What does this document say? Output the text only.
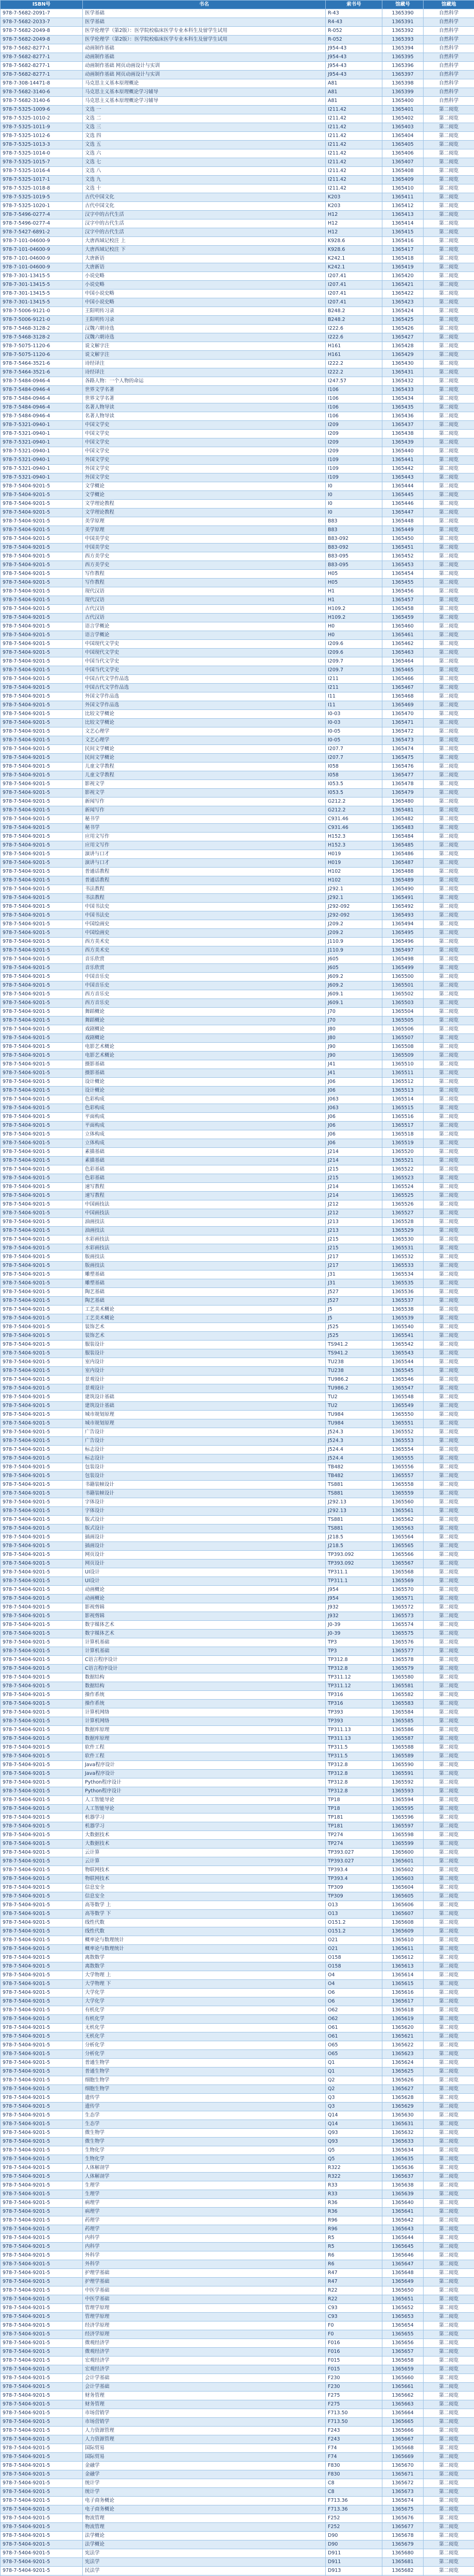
ISBN号	书名	索书号	馆藏号	馆藏地
978-7-5682-2091-7	医学基础	R-43	1365390	自然科学
978-7-5682-2033-7	医学基础	R4-43	1365391	自然科学
978-7-5682-2049-8	医学伦理学（第2版）：医学院校临床医学专业本科生及留学生试用	R-052	1365392	自然科学
978-7-5682-2049-8	医学伦理学（第2版）：医学院校临床医学专业本科生及留学生试用	R-052	1365393	自然科学
978-7-5682-8277-1	动画制作基础	J954-43	1365394	自然科学
978-7-5682-8277-1	动画制作基础	J954-43	1365395	自然科学
978-7-5682-8277-1	动画制作基础 网页动画设计与实训	J954-43	1365396	自然科学
978-7-5682-8277-1	动画制作基础 网页动画设计与实训	J954-43	1365397	自然科学
978-7-308-14471-8	马克思主义基本原理概论	A81	1365398	自然科学
978-7-5682-3140-6	马克思主义基本原理概论学习辅导	A81	1365399	自然科学
978-7-5682-3140-6	马克思主义基本原理概论学习辅导	A81	1365400	自然科学
978-7-5325-1009-6	文选 一	I211.42	1365401	第二阅览
978-7-5325-1010-2	文选 二	I211.42	1365402	第二阅览
978-7-5325-1011-9	文选 三	I211.42	1365403	第二阅览
978-7-5325-1012-6	文选 四	I211.42	1365404	第二阅览
978-7-5325-1013-3	文选 五	I211.42	1365405	第二阅览
978-7-5325-1014-0	文选 六	I211.42	1365406	第二阅览
978-7-5325-1015-7	文选 七	I211.42	1365407	第二阅览
978-7-5325-1016-4	文选 八	I211.42	1365408	第二阅览
978-7-5325-1017-1	文选 九	I211.42	1365409	第二阅览
978-7-5325-1018-8	文选 十	I211.42	1365410	第二阅览
978-7-5325-1019-5	古代中国文化	K203	1365411	第二阅览
978-7-5325-1020-1	古代中国文化	K203	1365412	第二阅览
978-7-5496-0277-4	汉字中的古代生活	H12	1365413	第二阅览
978-7-5496-0277-4	汉字中的古代生活	H12	1365414	第二阅览
978-7-5427-6891-2	汉字中的古代生活	H12	1365415	第二阅览
978-7-101-04600-9	大唐西域记校注 上	K928.6	1365416	第二阅览
978-7-101-04600-9	大唐西域记校注 下	K928.6	1365417	第二阅览
978-7-101-04600-9	大唐新语	K242.1	1365418	第二阅览
978-7-101-04600-9	大唐新语	K242.1	1365419	第二阅览
978-7-301-13415-5	小说史略	I207.41	1365420	第二阅览
978-7-301-13415-5	小说史略	I207.41	1365421	第二阅览
978-7-301-13415-5	中国小说史略	I207.41	1365422	第二阅览
978-7-301-13415-5	中国小说史略	I207.41	1365423	第二阅览
978-7-5006-9121-0	王阳明传习录	B248.2	1365424	第二阅览
978-7-5006-9121-0	王阳明传习录	B248.2	1365425	第二阅览
978-7-5468-3128-2	汉魏六朝诗选	I222.6	1365426	第二阅览
978-7-5468-3128-2	汉魏六朝诗选	I222.6	1365427	第二阅览
978-7-5075-1120-6	说文解字注	H161	1365428	第二阅览
978-7-5075-1120-6	说文解字注	H161	1365429	第二阅览
978-7-5464-3521-6	诗经译注	I222.2	1365430	第二阅览
978-7-5464-3521-6	诗经译注	I222.2	1365431	第二阅览
978-7-5484-0946-4	各路人物：一个人物的命运	I247.57	1365432	第二阅览
978-7-5484-0946-4	世界文学名著	I106	1365433	第二阅览
978-7-5484-0946-4	世界文学名著	I106	1365434	第二阅览
978-7-5484-0946-4	名著人物导读	I106	1365435	第二阅览
978-7-5484-0946-4	名著人物导读	I106	1365436	第二阅览
978-7-5321-0940-1	中国文学史	I209	1365437	第二阅览
978-7-5321-0940-1	中国文学史	I209	1365438	第二阅览
978-7-5321-0940-1	中国文学史	I209	1365439	第二阅览
978-7-5321-0940-1	中国文学史	I209	1365440	第二阅览
978-7-5321-0940-1	外国文学史	I109	1365441	第二阅览
978-7-5321-0940-1	外国文学史	I109	1365442	第二阅览
978-7-5321-0940-1	外国文学史	I109	1365443	第二阅览
978-7-5404-9201-5	文学概论	I0	1365444	第二阅览
978-7-5404-9201-5	文学概论	I0	1365445	第二阅览
978-7-5404-9201-5	文学理论教程	I0	1365446	第二阅览
978-7-5404-9201-5	文学理论教程	I0	1365447	第二阅览
978-7-5404-9201-5	美学原理	B83	1365448	第二阅览
978-7-5404-9201-5	美学原理	B83	1365449	第二阅览
978-7-5404-9201-5	中国美学史	B83-092	1365450	第二阅览
978-7-5404-9201-5	中国美学史	B83-092	1365451	第二阅览
978-7-5404-9201-5	西方美学史	B83-095	1365452	第二阅览
978-7-5404-9201-5	西方美学史	B83-095	1365453	第二阅览
978-7-5404-9201-5	写作教程	H05	1365454	第二阅览
978-7-5404-9201-5	写作教程	H05	1365455	第二阅览
978-7-5404-9201-5	现代汉语	H1	1365456	第二阅览
978-7-5404-9201-5	现代汉语	H1	1365457	第二阅览
978-7-5404-9201-5	古代汉语	H109.2	1365458	第二阅览
978-7-5404-9201-5	古代汉语	H109.2	1365459	第二阅览
978-7-5404-9201-5	语言学概论	H0	1365460	第二阅览
978-7-5404-9201-5	语言学概论	H0	1365461	第二阅览
978-7-5404-9201-5	中国现代文学史	I209.6	1365462	第二阅览
978-7-5404-9201-5	中国现代文学史	I209.6	1365463	第二阅览
978-7-5404-9201-5	中国当代文学史	I209.7	1365464	第二阅览
978-7-5404-9201-5	中国当代文学史	I209.7	1365465	第二阅览
978-7-5404-9201-5	中国古代文学作品选	I211	1365466	第二阅览
978-7-5404-9201-5	中国古代文学作品选	I211	1365467	第二阅览
978-7-5404-9201-5	外国文学作品选	I11	1365468	第二阅览
978-7-5404-9201-5	外国文学作品选	I11	1365469	第二阅览
978-7-5404-9201-5	比较文学概论	I0-03	1365470	第二阅览
978-7-5404-9201-5	比较文学概论	I0-03	1365471	第二阅览
978-7-5404-9201-5	文艺心理学	I0-05	1365472	第二阅览
978-7-5404-9201-5	文艺心理学	I0-05	1365473	第二阅览
978-7-5404-9201-5	民间文学概论	I207.7	1365474	第二阅览
978-7-5404-9201-5	民间文学概论	I207.7	1365475	第二阅览
978-7-5404-9201-5	儿童文学教程	I058	1365476	第二阅览
978-7-5404-9201-5	儿童文学教程	I058	1365477	第二阅览
978-7-5404-9201-5	影视文学	I053.5	1365478	第二阅览
978-7-5404-9201-5	影视文学	I053.5	1365479	第二阅览
978-7-5404-9201-5	新闻写作	G212.2	1365480	第二阅览
978-7-5404-9201-5	新闻写作	G212.2	1365481	第二阅览
978-7-5404-9201-5	秘书学	C931.46	1365482	第二阅览
978-7-5404-9201-5	秘书学	C931.46	1365483	第二阅览
978-7-5404-9201-5	应用文写作	H152.3	1365484	第二阅览
978-7-5404-9201-5	应用文写作	H152.3	1365485	第二阅览
978-7-5404-9201-5	演讲与口才	H019	1365486	第二阅览
978-7-5404-9201-5	演讲与口才	H019	1365487	第二阅览
978-7-5404-9201-5	普通话教程	H102	1365488	第二阅览
978-7-5404-9201-5	普通话教程	H102	1365489	第二阅览
978-7-5404-9201-5	书法教程	J292.1	1365490	第二阅览
978-7-5404-9201-5	书法教程	J292.1	1365491	第二阅览
978-7-5404-9201-5	中国书法史	J292-092	1365492	第二阅览
978-7-5404-9201-5	中国书法史	J292-092	1365493	第二阅览
978-7-5404-9201-5	中国绘画史	J209.2	1365494	第二阅览
978-7-5404-9201-5	中国绘画史	J209.2	1365495	第二阅览
978-7-5404-9201-5	西方美术史	J110.9	1365496	第二阅览
978-7-5404-9201-5	西方美术史	J110.9	1365497	第二阅览
978-7-5404-9201-5	音乐欣赏	J605	1365498	第二阅览
978-7-5404-9201-5	音乐欣赏	J605	1365499	第二阅览
978-7-5404-9201-5	中国音乐史	J609.2	1365500	第二阅览
978-7-5404-9201-5	中国音乐史	J609.2	1365501	第二阅览
978-7-5404-9201-5	西方音乐史	J609.1	1365502	第二阅览
978-7-5404-9201-5	西方音乐史	J609.1	1365503	第二阅览
978-7-5404-9201-5	舞蹈概论	J70	1365504	第二阅览
978-7-5404-9201-5	舞蹈概论	J70	1365505	第二阅览
978-7-5404-9201-5	戏剧概论	J80	1365506	第二阅览
978-7-5404-9201-5	戏剧概论	J80	1365507	第二阅览
978-7-5404-9201-5	电影艺术概论	J90	1365508	第二阅览
978-7-5404-9201-5	电影艺术概论	J90	1365509	第二阅览
978-7-5404-9201-5	摄影基础	J41	1365510	第二阅览
978-7-5404-9201-5	摄影基础	J41	1365511	第二阅览
978-7-5404-9201-5	设计概论	J06	1365512	第二阅览
978-7-5404-9201-5	设计概论	J06	1365513	第二阅览
978-7-5404-9201-5	色彩构成	J063	1365514	第二阅览
978-7-5404-9201-5	色彩构成	J063	1365515	第二阅览
978-7-5404-9201-5	平面构成	J06	1365516	第二阅览
978-7-5404-9201-5	平面构成	J06	1365517	第二阅览
978-7-5404-9201-5	立体构成	J06	1365518	第二阅览
978-7-5404-9201-5	立体构成	J06	1365519	第二阅览
978-7-5404-9201-5	素描基础	J214	1365520	第二阅览
978-7-5404-9201-5	素描基础	J214	1365521	第二阅览
978-7-5404-9201-5	色彩基础	J215	1365522	第二阅览
978-7-5404-9201-5	色彩基础	J215	1365523	第二阅览
978-7-5404-9201-5	速写教程	J214	1365524	第二阅览
978-7-5404-9201-5	速写教程	J214	1365525	第二阅览
978-7-5404-9201-5	中国画技法	J212	1365526	第二阅览
978-7-5404-9201-5	中国画技法	J212	1365527	第二阅览
978-7-5404-9201-5	油画技法	J213	1365528	第二阅览
978-7-5404-9201-5	油画技法	J213	1365529	第二阅览
978-7-5404-9201-5	水彩画技法	J215	1365530	第二阅览
978-7-5404-9201-5	水彩画技法	J215	1365531	第二阅览
978-7-5404-9201-5	版画技法	J217	1365532	第二阅览
978-7-5404-9201-5	版画技法	J217	1365533	第二阅览
978-7-5404-9201-5	雕塑基础	J31	1365534	第二阅览
978-7-5404-9201-5	雕塑基础	J31	1365535	第二阅览
978-7-5404-9201-5	陶艺基础	J527	1365536	第二阅览
978-7-5404-9201-5	陶艺基础	J527	1365537	第二阅览
978-7-5404-9201-5	工艺美术概论	J5	1365538	第二阅览
978-7-5404-9201-5	工艺美术概论	J5	1365539	第二阅览
978-7-5404-9201-5	装饰艺术	J525	1365540	第二阅览
978-7-5404-9201-5	装饰艺术	J525	1365541	第二阅览
978-7-5404-9201-5	服装设计	TS941.2	1365542	第二阅览
978-7-5404-9201-5	服装设计	TS941.2	1365543	第二阅览
978-7-5404-9201-5	室内设计	TU238	1365544	第二阅览
978-7-5404-9201-5	室内设计	TU238	1365545	第二阅览
978-7-5404-9201-5	景观设计	TU986.2	1365546	第二阅览
978-7-5404-9201-5	景观设计	TU986.2	1365547	第二阅览
978-7-5404-9201-5	建筑设计基础	TU2	1365548	第二阅览
978-7-5404-9201-5	建筑设计基础	TU2	1365549	第二阅览
978-7-5404-9201-5	城市规划原理	TU984	1365550	第二阅览
978-7-5404-9201-5	城市规划原理	TU984	1365551	第二阅览
978-7-5404-9201-5	广告设计	J524.3	1365552	第二阅览
978-7-5404-9201-5	广告设计	J524.3	1365553	第二阅览
978-7-5404-9201-5	标志设计	J524.4	1365554	第二阅览
978-7-5404-9201-5	标志设计	J524.4	1365555	第二阅览
978-7-5404-9201-5	包装设计	TB482	1365556	第二阅览
978-7-5404-9201-5	包装设计	TB482	1365557	第二阅览
978-7-5404-9201-5	书籍装帧设计	TS881	1365558	第二阅览
978-7-5404-9201-5	书籍装帧设计	TS881	1365559	第二阅览
978-7-5404-9201-5	字体设计	J292.13	1365560	第二阅览
978-7-5404-9201-5	字体设计	J292.13	1365561	第二阅览
978-7-5404-9201-5	版式设计	TS881	1365562	第二阅览
978-7-5404-9201-5	版式设计	TS881	1365563	第二阅览
978-7-5404-9201-5	插画设计	J218.5	1365564	第二阅览
978-7-5404-9201-5	插画设计	J218.5	1365565	第二阅览
978-7-5404-9201-5	网页设计	TP393.092	1365566	第二阅览
978-7-5404-9201-5	网页设计	TP393.092	1365567	第二阅览
978-7-5404-9201-5	UI设计	TP311.1	1365568	第二阅览
978-7-5404-9201-5	UI设计	TP311.1	1365569	第二阅览
978-7-5404-9201-5	动画概论	J954	1365570	第二阅览
978-7-5404-9201-5	动画概论	J954	1365571	第二阅览
978-7-5404-9201-5	影视剪辑	J932	1365572	第二阅览
978-7-5404-9201-5	影视剪辑	J932	1365573	第二阅览
978-7-5404-9201-5	数字媒体艺术	J0-39	1365574	第二阅览
978-7-5404-9201-5	数字媒体艺术	J0-39	1365575	第二阅览
978-7-5404-9201-5	计算机基础	TP3	1365576	第二阅览
978-7-5404-9201-5	计算机基础	TP3	1365577	第二阅览
978-7-5404-9201-5	C语言程序设计	TP312.8	1365578	第二阅览
978-7-5404-9201-5	C语言程序设计	TP312.8	1365579	第二阅览
978-7-5404-9201-5	数据结构	TP311.12	1365580	第二阅览
978-7-5404-9201-5	数据结构	TP311.12	1365581	第二阅览
978-7-5404-9201-5	操作系统	TP316	1365582	第二阅览
978-7-5404-9201-5	操作系统	TP316	1365583	第二阅览
978-7-5404-9201-5	计算机网络	TP393	1365584	第二阅览
978-7-5404-9201-5	计算机网络	TP393	1365585	第二阅览
978-7-5404-9201-5	数据库原理	TP311.13	1365586	第二阅览
978-7-5404-9201-5	数据库原理	TP311.13	1365587	第二阅览
978-7-5404-9201-5	软件工程	TP311.5	1365588	第二阅览
978-7-5404-9201-5	软件工程	TP311.5	1365589	第二阅览
978-7-5404-9201-5	Java程序设计	TP312.8	1365590	第二阅览
978-7-5404-9201-5	Java程序设计	TP312.8	1365591	第二阅览
978-7-5404-9201-5	Python程序设计	TP312.8	1365592	第二阅览
978-7-5404-9201-5	Python程序设计	TP312.8	1365593	第二阅览
978-7-5404-9201-5	人工智能导论	TP18	1365594	第二阅览
978-7-5404-9201-5	人工智能导论	TP18	1365595	第二阅览
978-7-5404-9201-5	机器学习	TP181	1365596	第二阅览
978-7-5404-9201-5	机器学习	TP181	1365597	第二阅览
978-7-5404-9201-5	大数据技术	TP274	1365598	第二阅览
978-7-5404-9201-5	大数据技术	TP274	1365599	第二阅览
978-7-5404-9201-5	云计算	TP393.027	1365600	第二阅览
978-7-5404-9201-5	云计算	TP393.027	1365601	第二阅览
978-7-5404-9201-5	物联网技术	TP393.4	1365602	第二阅览
978-7-5404-9201-5	物联网技术	TP393.4	1365603	第二阅览
978-7-5404-9201-5	信息安全	TP309	1365604	第二阅览
978-7-5404-9201-5	信息安全	TP309	1365605	第二阅览
978-7-5404-9201-5	高等数学 上	O13	1365606	第二阅览
978-7-5404-9201-5	高等数学 下	O13	1365607	第二阅览
978-7-5404-9201-5	线性代数	O151.2	1365608	第二阅览
978-7-5404-9201-5	线性代数	O151.2	1365609	第二阅览
978-7-5404-9201-5	概率论与数理统计	O21	1365610	第二阅览
978-7-5404-9201-5	概率论与数理统计	O21	1365611	第二阅览
978-7-5404-9201-5	离散数学	O158	1365612	第二阅览
978-7-5404-9201-5	离散数学	O158	1365613	第二阅览
978-7-5404-9201-5	大学物理 上	O4	1365614	第二阅览
978-7-5404-9201-5	大学物理 下	O4	1365615	第二阅览
978-7-5404-9201-5	大学化学	O6	1365616	第二阅览
978-7-5404-9201-5	大学化学	O6	1365617	第二阅览
978-7-5404-9201-5	有机化学	O62	1365618	第二阅览
978-7-5404-9201-5	有机化学	O62	1365619	第二阅览
978-7-5404-9201-5	无机化学	O61	1365620	第二阅览
978-7-5404-9201-5	无机化学	O61	1365621	第二阅览
978-7-5404-9201-5	分析化学	O65	1365622	第二阅览
978-7-5404-9201-5	分析化学	O65	1365623	第二阅览
978-7-5404-9201-5	普通生物学	Q1	1365624	第二阅览
978-7-5404-9201-5	普通生物学	Q1	1365625	第二阅览
978-7-5404-9201-5	细胞生物学	Q2	1365626	第二阅览
978-7-5404-9201-5	细胞生物学	Q2	1365627	第二阅览
978-7-5404-9201-5	遗传学	Q3	1365628	第二阅览
978-7-5404-9201-5	遗传学	Q3	1365629	第二阅览
978-7-5404-9201-5	生态学	Q14	1365630	第二阅览
978-7-5404-9201-5	生态学	Q14	1365631	第二阅览
978-7-5404-9201-5	微生物学	Q93	1365632	第二阅览
978-7-5404-9201-5	微生物学	Q93	1365633	第二阅览
978-7-5404-9201-5	生物化学	Q5	1365634	第二阅览
978-7-5404-9201-5	生物化学	Q5	1365635	第二阅览
978-7-5404-9201-5	人体解剖学	R322	1365636	第二阅览
978-7-5404-9201-5	人体解剖学	R322	1365637	第二阅览
978-7-5404-9201-5	生理学	R33	1365638	第二阅览
978-7-5404-9201-5	生理学	R33	1365639	第二阅览
978-7-5404-9201-5	病理学	R36	1365640	第二阅览
978-7-5404-9201-5	病理学	R36	1365641	第二阅览
978-7-5404-9201-5	药理学	R96	1365642	第二阅览
978-7-5404-9201-5	药理学	R96	1365643	第二阅览
978-7-5404-9201-5	内科学	R5	1365644	第二阅览
978-7-5404-9201-5	内科学	R5	1365645	第二阅览
978-7-5404-9201-5	外科学	R6	1365646	第二阅览
978-7-5404-9201-5	外科学	R6	1365647	第二阅览
978-7-5404-9201-5	护理学基础	R47	1365648	第二阅览
978-7-5404-9201-5	护理学基础	R47	1365649	第二阅览
978-7-5404-9201-5	中医学基础	R22	1365650	第二阅览
978-7-5404-9201-5	中医学基础	R22	1365651	第二阅览
978-7-5404-9201-5	管理学原理	C93	1365652	第二阅览
978-7-5404-9201-5	管理学原理	C93	1365653	第二阅览
978-7-5404-9201-5	经济学原理	F0	1365654	第二阅览
978-7-5404-9201-5	经济学原理	F0	1365655	第二阅览
978-7-5404-9201-5	微观经济学	F016	1365656	第二阅览
978-7-5404-9201-5	微观经济学	F016	1365657	第二阅览
978-7-5404-9201-5	宏观经济学	F015	1365658	第二阅览
978-7-5404-9201-5	宏观经济学	F015	1365659	第二阅览
978-7-5404-9201-5	会计学基础	F230	1365660	第二阅览
978-7-5404-9201-5	会计学基础	F230	1365661	第二阅览
978-7-5404-9201-5	财务管理	F275	1365662	第二阅览
978-7-5404-9201-5	财务管理	F275	1365663	第二阅览
978-7-5404-9201-5	市场营销学	F713.50	1365664	第二阅览
978-7-5404-9201-5	市场营销学	F713.50	1365665	第二阅览
978-7-5404-9201-5	人力资源管理	F243	1365666	第二阅览
978-7-5404-9201-5	人力资源管理	F243	1365667	第二阅览
978-7-5404-9201-5	国际贸易	F74	1365668	第二阅览
978-7-5404-9201-5	国际贸易	F74	1365669	第二阅览
978-7-5404-9201-5	金融学	F830	1365670	第二阅览
978-7-5404-9201-5	金融学	F830	1365671	第二阅览
978-7-5404-9201-5	统计学	C8	1365672	第二阅览
978-7-5404-9201-5	统计学	C8	1365673	第二阅览
978-7-5404-9201-5	电子商务概论	F713.36	1365674	第二阅览
978-7-5404-9201-5	电子商务概论	F713.36	1365675	第二阅览
978-7-5404-9201-5	物流管理	F252	1365676	第二阅览
978-7-5404-9201-5	物流管理	F252	1365677	第二阅览
978-7-5404-9201-5	法学概论	D90	1365678	第二阅览
978-7-5404-9201-5	法学概论	D90	1365679	第二阅览
978-7-5404-9201-5	宪法学	D911	1365680	第二阅览
978-7-5404-9201-5	宪法学	D911	1365681	第二阅览
978-7-5404-9201-5	民法学	D913	1365682	第二阅览
